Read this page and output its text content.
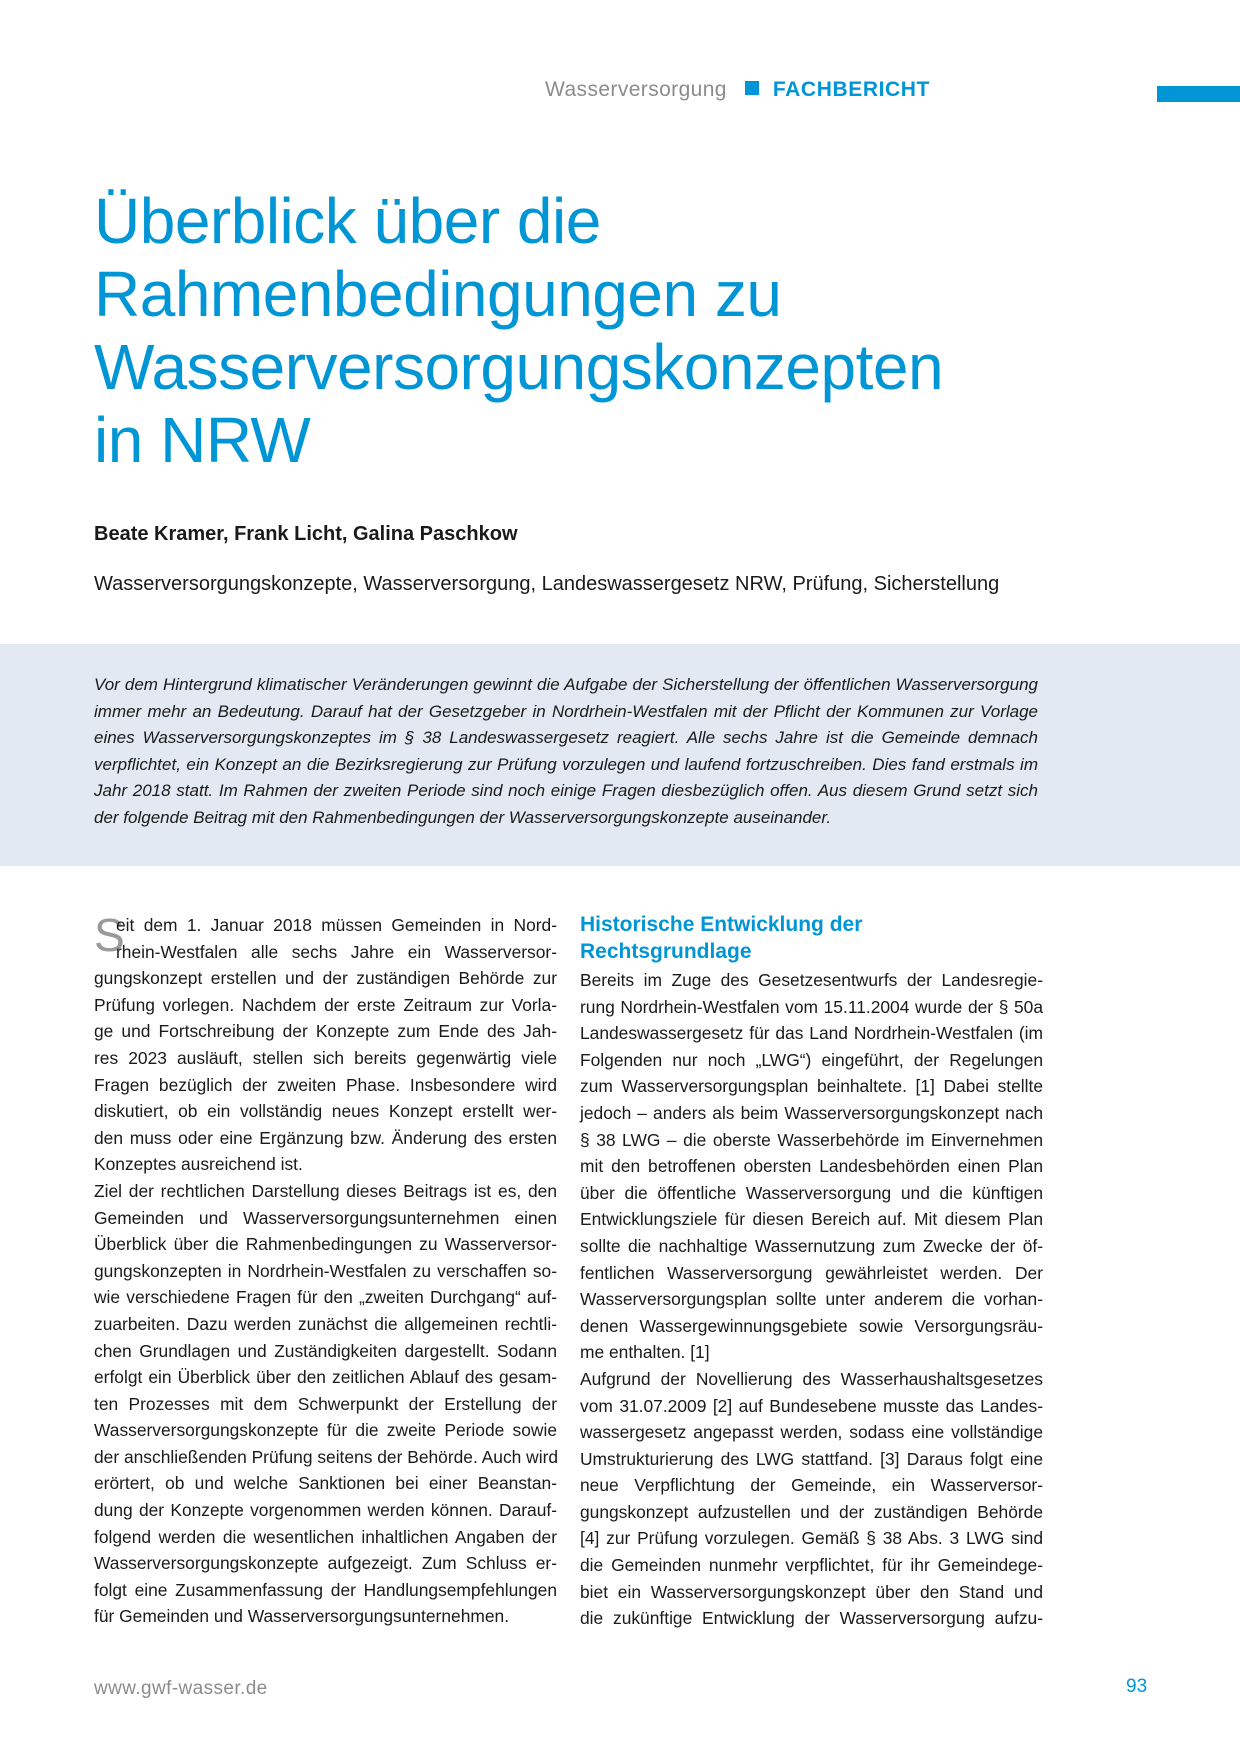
Wasserversorgung FACHBERICHT
Überblick über die
Rahmenbedingungen zu
Wasserversorgungskonzepten
in NRW
Beate Kramer, Frank Licht, Galina Paschkow
Wasserversorgungskonzepte, Wasserversorgung, Landeswassergesetz NRW, Prüfung, Sicherstellung
Vor dem Hintergrund klimatischer Veränderungen gewinnt die Aufgabe der Sicherstellung der öffentlichen Wasserversorgung immer mehr an Bedeutung. Darauf hat der Gesetzgeber in Nordrhein-Westfalen mit der Pflicht der Kommunen zur Vorlage eines Wasserversorgungskonzeptes im § 38 Landeswassergesetz reagiert. Alle sechs Jahre ist die Gemeinde demnach verpflichtet, ein Konzept an die Bezirksregierung zur Prüfung vorzulegen und laufend fortzuschreiben. Dies fand erstmals im Jahr 2018 statt. Im Rahmen der zweiten Periode sind noch einige Fragen diesbezüglich offen. Aus diesem Grund setzt sich der folgende Beitrag mit den Rahmenbedingungen der Wasserversorgungskonzepte auseinander.
S
eit dem 1. Januar 2018 müssen Gemeinden in Nord-
rhein-Westfalen alle sechs Jahre ein Wasserversor-
gungskonzept erstellen und der zuständigen Behörde zur
Prüfung vorlegen. Nachdem der erste Zeitraum zur Vorla-
ge und Fortschreibung der Konzepte zum Ende des Jah-
res 2023 ausläuft, stellen sich bereits gegenwärtig viele
Fragen bezüglich der zweiten Phase. Insbesondere wird
diskutiert, ob ein vollständig neues Konzept erstellt wer-
den muss oder eine Ergänzung bzw. Änderung des ersten
Konzeptes ausreichend ist.
Ziel der rechtlichen Darstellung dieses Beitrags ist es, den
Gemeinden und Wasserversorgungsunternehmen einen
Überblick über die Rahmenbedingungen zu Wasserversor-
gungskonzepten in Nordrhein-Westfalen zu verschaffen so-
wie verschiedene Fragen für den „zweiten Durchgang“ auf-
zuarbeiten. Dazu werden zunächst die allgemeinen rechtli-
chen Grundlagen und Zuständigkeiten dargestellt. Sodann
erfolgt ein Überblick über den zeitlichen Ablauf des gesam-
ten Prozesses mit dem Schwerpunkt der Erstellung der
Wasserversorgungskonzepte für die zweite Periode sowie
der anschließenden Prüfung seitens der Behörde. Auch wird
erörtert, ob und welche Sanktionen bei einer Beanstan-
dung der Konzepte vorgenommen werden können. Darauf-
folgend werden die wesentlichen inhaltlichen Angaben der
Wasserversorgungskonzepte aufgezeigt. Zum Schluss er-
folgt eine Zusammenfassung der Handlungsempfehlungen
für Gemeinden und Wasserversorgungsunternehmen.
Historische Entwicklung der
Rechtsgrundlage
Bereits im Zuge des Gesetzesentwurfs der Landesregie-
rung Nordrhein-Westfalen vom 15.11.2004 wurde der § 50a
Landeswassergesetz für das Land Nordrhein-Westfalen (im
Folgenden nur noch „LWG“) eingeführt, der Regelungen
zum Wasserversorgungsplan beinhaltete. [1] Dabei stellte
jedoch – anders als beim Wasserversorgungskonzept nach
§ 38 LWG – die oberste Wasserbehörde im Einvernehmen
mit den betroffenen obersten Landesbehörden einen Plan
über die öffentliche Wasserversorgung und die künftigen
Entwicklungsziele für diesen Bereich auf. Mit diesem Plan
sollte die nachhaltige Wassernutzung zum Zwecke der öf-
fentlichen Wasserversorgung gewährleistet werden. Der
Wasserversorgungsplan sollte unter anderem die vorhan-
denen Wassergewinnungsgebiete sowie Versorgungsräu-
me enthalten. [1]
Aufgrund der Novellierung des Wasserhaushaltsgesetzes
vom 31.07.2009 [2] auf Bundesebene musste das Landes-
wassergesetz angepasst werden, sodass eine vollständige
Umstrukturierung des LWG stattfand. [3] Daraus folgt eine
neue Verpflichtung der Gemeinde, ein Wasserversor-
gungskonzept aufzustellen und der zuständigen Behörde
[4] zur Prüfung vorzulegen. Gemäß § 38 Abs. 3 LWG sind
die Gemeinden nunmehr verpflichtet, für ihr Gemeindege-
biet ein Wasserversorgungskonzept über den Stand und
die zukünftige Entwicklung der Wasserversorgung aufzu-
www.gwf-wasser.de	93
